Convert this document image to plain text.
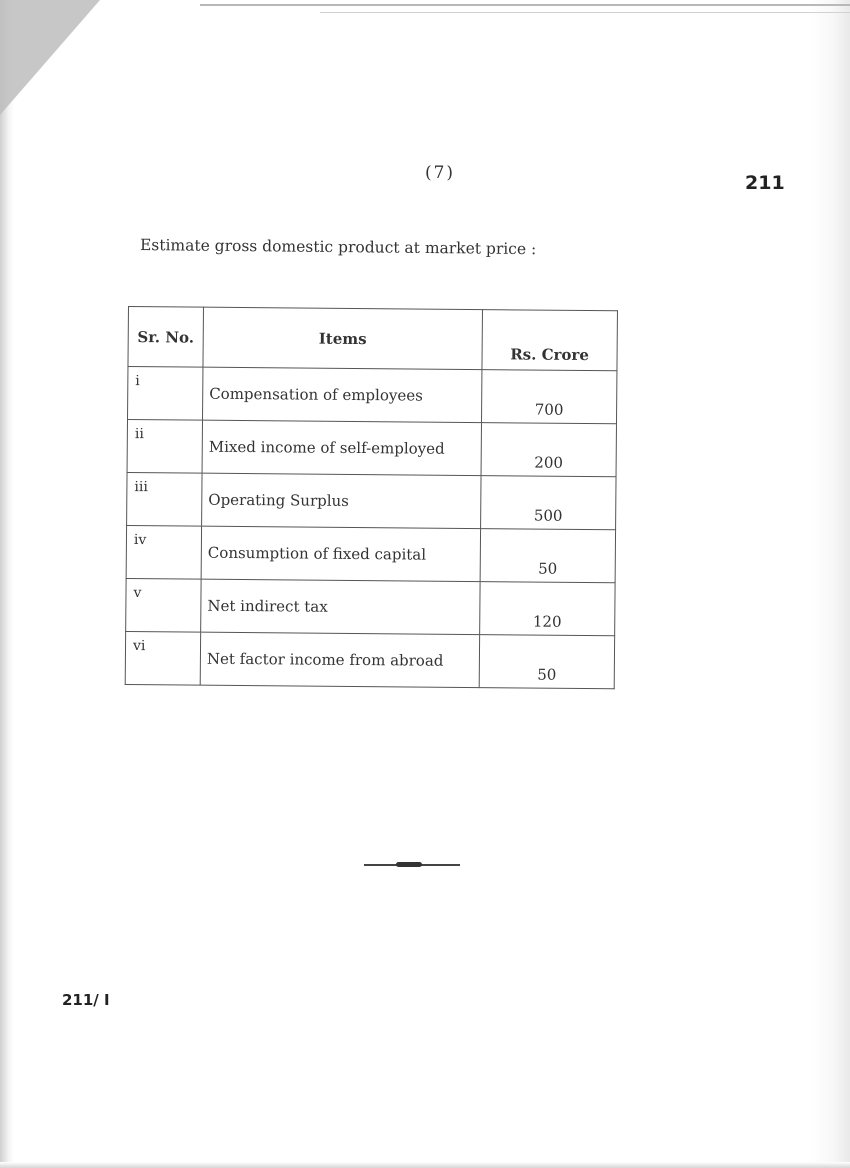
(7)	211
Estimate gross domestic product at market price :
Sr. No.	Items	Rs. Crore
i	Compensation of employees	700
ii	Mixed income of self-employed	200
iii	Operating Surplus	500
iv	Consumption of fixed capital	50
v	Net indirect tax	120
vi	Net factor income from abroad	50
211/ I
